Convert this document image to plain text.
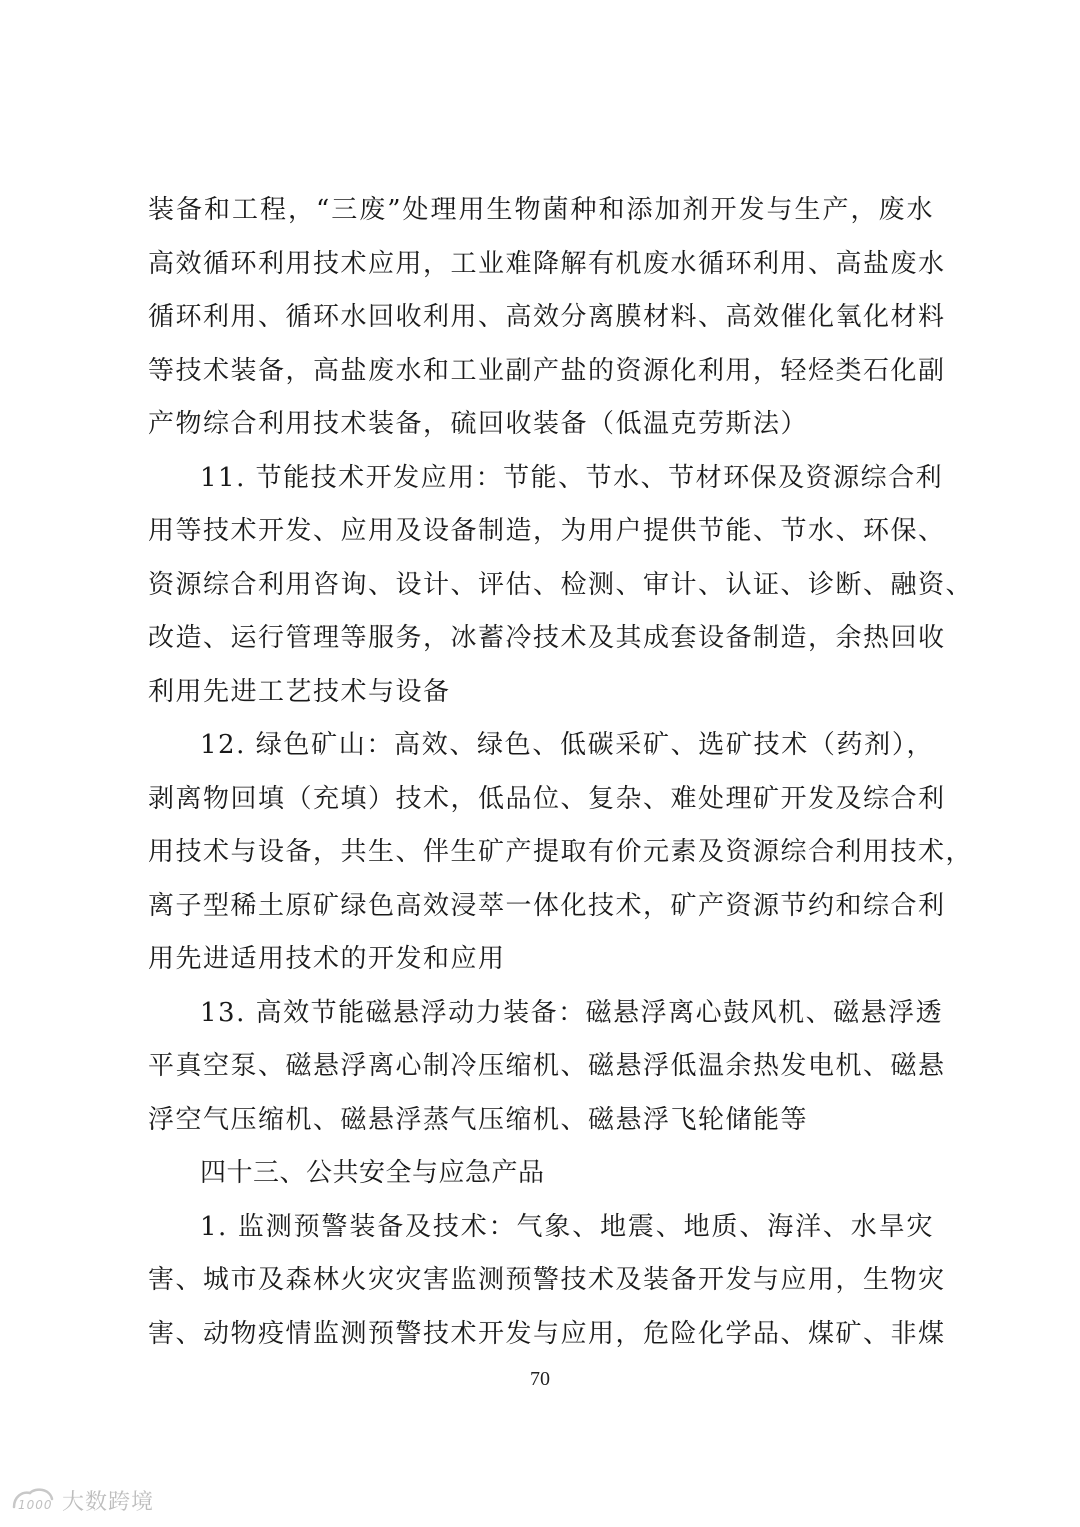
装备和工程，“三废”处理用生物菌种和添加剂开发与生产，废水
高效循环利用技术应用，工业难降解有机废水循环利用、高盐废水
循环利用、循环水回收利用、高效分离膜材料、高效催化氧化材料
等技术装备，高盐废水和工业副产盐的资源化利用，轻烃类石化副
产物综合利用技术装备，硫回收装备（低温克劳斯法）
11. 节能技术开发应用：节能、节水、节材环保及资源综合利
用等技术开发、应用及设备制造，为用户提供节能、节水、环保、
资源综合利用咨询、设计、评估、检测、审计、认证、诊断、融资、
改造、运行管理等服务，冰蓄冷技术及其成套设备制造，余热回收
利用先进工艺技术与设备
12. 绿色矿山：高效、绿色、低碳采矿、选矿技术（药剂），
剥离物回填（充填）技术，低品位、复杂、难处理矿开发及综合利
用技术与设备，共生、伴生矿产提取有价元素及资源综合利用技术，
离子型稀土原矿绿色高效浸萃一体化技术，矿产资源节约和综合利
用先进适用技术的开发和应用
13. 高效节能磁悬浮动力装备：磁悬浮离心鼓风机、磁悬浮透
平真空泵、磁悬浮离心制冷压缩机、磁悬浮低温余热发电机、磁悬
浮空气压缩机、磁悬浮蒸气压缩机、磁悬浮飞轮储能等
四十三、公共安全与应急产品
1. 监测预警装备及技术：气象、地震、地质、海洋、水旱灾
害、城市及森林火灾灾害监测预警技术及装备开发与应用，生物灾
害、动物疫情监测预警技术开发与应用，危险化学品、煤矿、非煤
70
1000 大数跨境
